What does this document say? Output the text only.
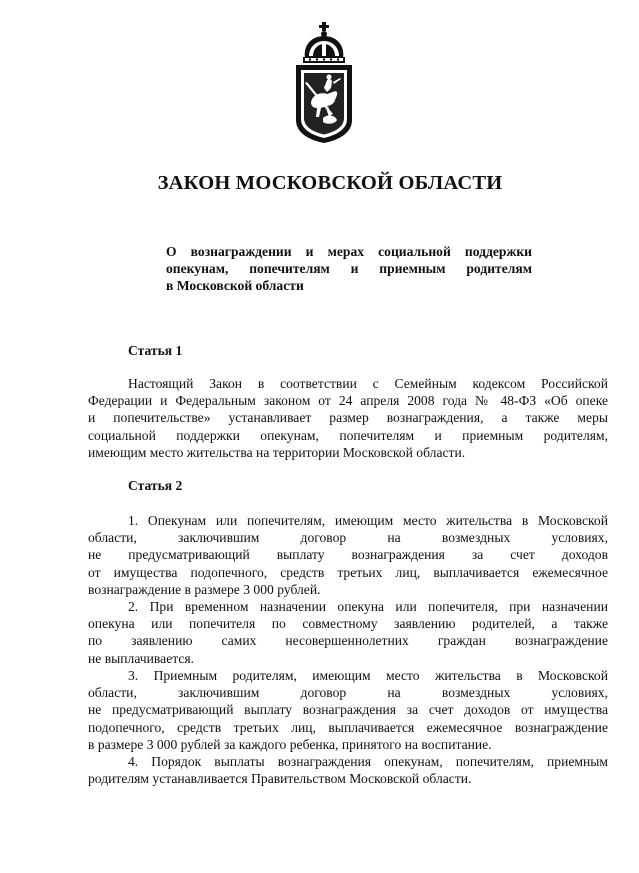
ЗАКОН МОСКОВСКОЙ ОБЛАСТИ
О вознаграждении и мерах социальной поддержки
опекунам, попечителям и приемным родителям
в Московской области
Статья 1
Настоящий Закон в соответствии с Семейным кодексом Российской
Федерации и Федеральным законом от 24 апреля 2008 года № 48-ФЗ «Об опеке
и попечительстве» устанавливает размер вознаграждения, а также меры
социальной поддержки опекунам, попечителям и приемным родителям,
имеющим место жительства на территории Московской области.
Статья 2
1. Опекунам или попечителям, имеющим место жительства в Московской
области, заключившим договор на возмездных условиях,
не предусматривающий выплату вознаграждения за счет доходов
от имущества подопечного, средств третьих лиц, выплачивается ежемесячное
вознаграждение в размере 3 000 рублей.
2. При временном назначении опекуна или попечителя, при назначении
опекуна или попечителя по совместному заявлению родителей, а также
по заявлению самих несовершеннолетних граждан вознаграждение
не выплачивается.
3. Приемным родителям, имеющим место жительства в Московской
области, заключившим договор на возмездных условиях,
не предусматривающий выплату вознаграждения за счет доходов от имущества
подопечного, средств третьих лиц, выплачивается ежемесячное вознаграждение
в размере 3 000 рублей за каждого ребенка, принятого на воспитание.
4. Порядок выплаты вознаграждения опекунам, попечителям, приемным
родителям устанавливается Правительством Московской области.
